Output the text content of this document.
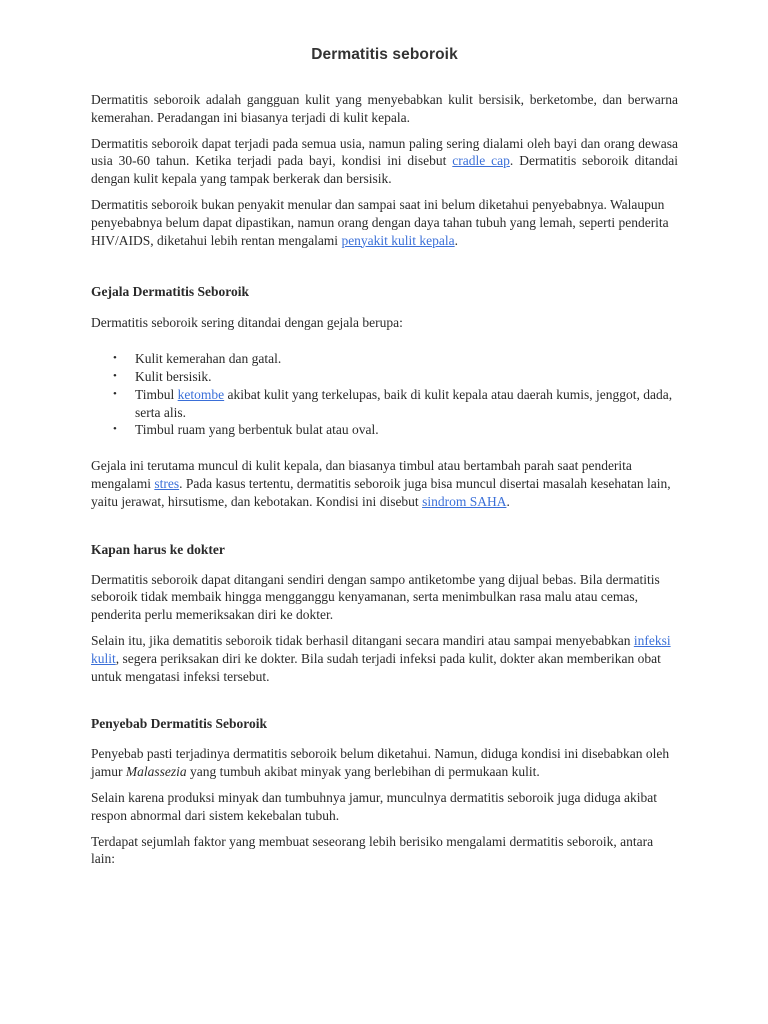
Dermatitis seboroik

Dermatitis seboroik adalah gangguan kulit yang menyebabkan kulit bersisik, berketombe, dan berwarna kemerahan. Peradangan ini biasanya terjadi di kulit kepala.

Dermatitis seboroik dapat terjadi pada semua usia, namun paling sering dialami oleh bayi dan orang dewasa usia 30-60 tahun. Ketika terjadi pada bayi, kondisi ini disebut cradle cap. Dermatitis seboroik ditandai dengan kulit kepala yang tampak berkerak dan bersisik.

Dermatitis seboroik bukan penyakit menular dan sampai saat ini belum diketahui penyebabnya. Walaupun penyebabnya belum dapat dipastikan, namun orang dengan daya tahan tubuh yang lemah, seperti penderita HIV/AIDS, diketahui lebih rentan mengalami penyakit kulit kepala.

Gejala Dermatitis Seboroik

Dermatitis seboroik sering ditandai dengan gejala berupa:

• Kulit kemerahan dan gatal.
• Kulit bersisik.
• Timbul ketombe akibat kulit yang terkelupas, baik di kulit kepala atau daerah kumis, jenggot, dada, serta alis.
• Timbul ruam yang berbentuk bulat atau oval.

Gejala ini terutama muncul di kulit kepala, dan biasanya timbul atau bertambah parah saat penderita mengalami stres. Pada kasus tertentu, dermatitis seboroik juga bisa muncul disertai masalah kesehatan lain, yaitu jerawat, hirsutisme, dan kebotakan. Kondisi ini disebut sindrom SAHA.

Kapan harus ke dokter

Dermatitis seboroik dapat ditangani sendiri dengan sampo antiketombe yang dijual bebas. Bila dermatitis seboroik tidak membaik hingga mengganggu kenyamanan, serta menimbulkan rasa malu atau cemas, penderita perlu memeriksakan diri ke dokter.

Selain itu, jika dematitis seboroik tidak berhasil ditangani secara mandiri atau sampai menyebabkan infeksi kulit, segera periksakan diri ke dokter. Bila sudah terjadi infeksi pada kulit, dokter akan memberikan obat untuk mengatasi infeksi tersebut.

Penyebab Dermatitis Seboroik

Penyebab pasti terjadinya dermatitis seboroik belum diketahui. Namun, diduga kondisi ini disebabkan oleh jamur Malassezia yang tumbuh akibat minyak yang berlebihan di permukaan kulit.

Selain karena produksi minyak dan tumbuhnya jamur, munculnya dermatitis seboroik juga diduga akibat respon abnormal dari sistem kekebalan tubuh.

Terdapat sejumlah faktor yang membuat seseorang lebih berisiko mengalami dermatitis seboroik, antara lain:
